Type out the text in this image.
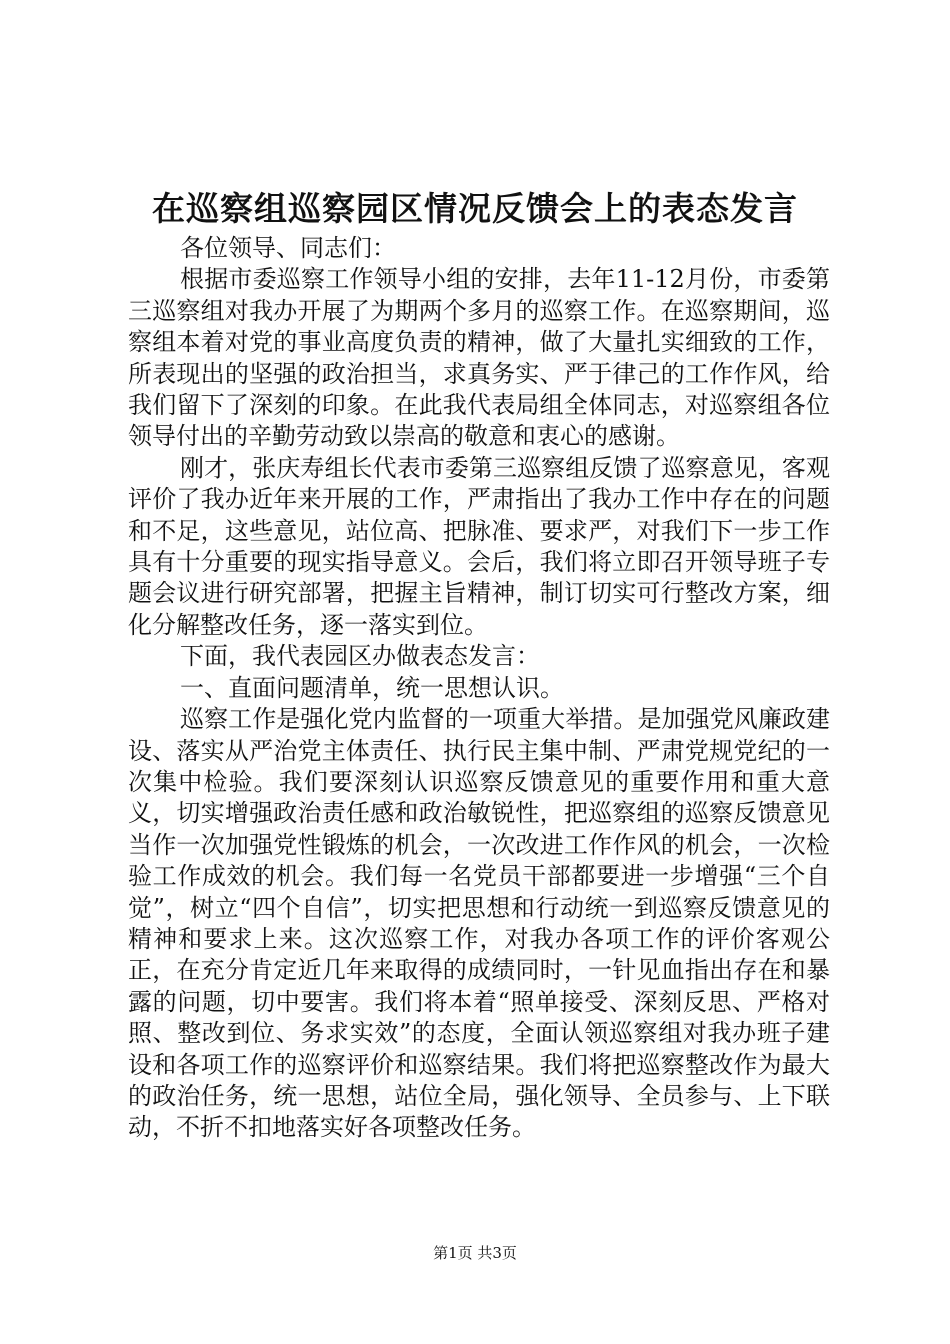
在巡察组巡察园区情况反馈会上的表态发言

各位领导、同志们：

根据市委巡察工作领导小组的安排，去年11-12月份，市委第三巡察组对我办开展了为期两个多月的巡察工作。在巡察期间，巡察组本着对党的事业高度负责的精神，做了大量扎实细致的工作，所表现出的坚强的政治担当，求真务实、严于律己的工作作风，给我们留下了深刻的印象。在此我代表局组全体同志，对巡察组各位领导付出的辛勤劳动致以崇高的敬意和衷心的感谢。

刚才，张庆寿组长代表市委第三巡察组反馈了巡察意见，客观评价了我办近年来开展的工作，严肃指出了我办工作中存在的问题和不足，这些意见，站位高、把脉准、要求严，对我们下一步工作具有十分重要的现实指导意义。会后，我们将立即召开领导班子专题会议进行研究部署，把握主旨精神，制订切实可行整改方案，细化分解整改任务，逐一落实到位。

下面，我代表园区办做表态发言：

一、直面问题清单，统一思想认识。

巡察工作是强化党内监督的一项重大举措。是加强党风廉政建设、落实从严治党主体责任、执行民主集中制、严肃党规党纪的一次集中检验。我们要深刻认识巡察反馈意见的重要作用和重大意义，切实增强政治责任感和政治敏锐性，把巡察组的巡察反馈意见当作一次加强党性锻炼的机会，一次改进工作作风的机会，一次检验工作成效的机会。我们每一名党员干部都要进一步增强“三个自觉”，树立“四个自信”，切实把思想和行动统一到巡察反馈意见的精神和要求上来。这次巡察工作，对我办各项工作的评价客观公正，在充分肯定近几年来取得的成绩同时，一针见血指出存在和暴露的问题，切中要害。我们将本着“照单接受、深刻反思、严格对照、整改到位、务求实效”的态度，全面认领巡察组对我办班子建设和各项工作的巡察评价和巡察结果。我们将把巡察整改作为最大的政治任务，统一思想，站位全局，强化领导、全员参与、上下联动，不折不扣地落实好各项整改任务。

第1页 共3页
